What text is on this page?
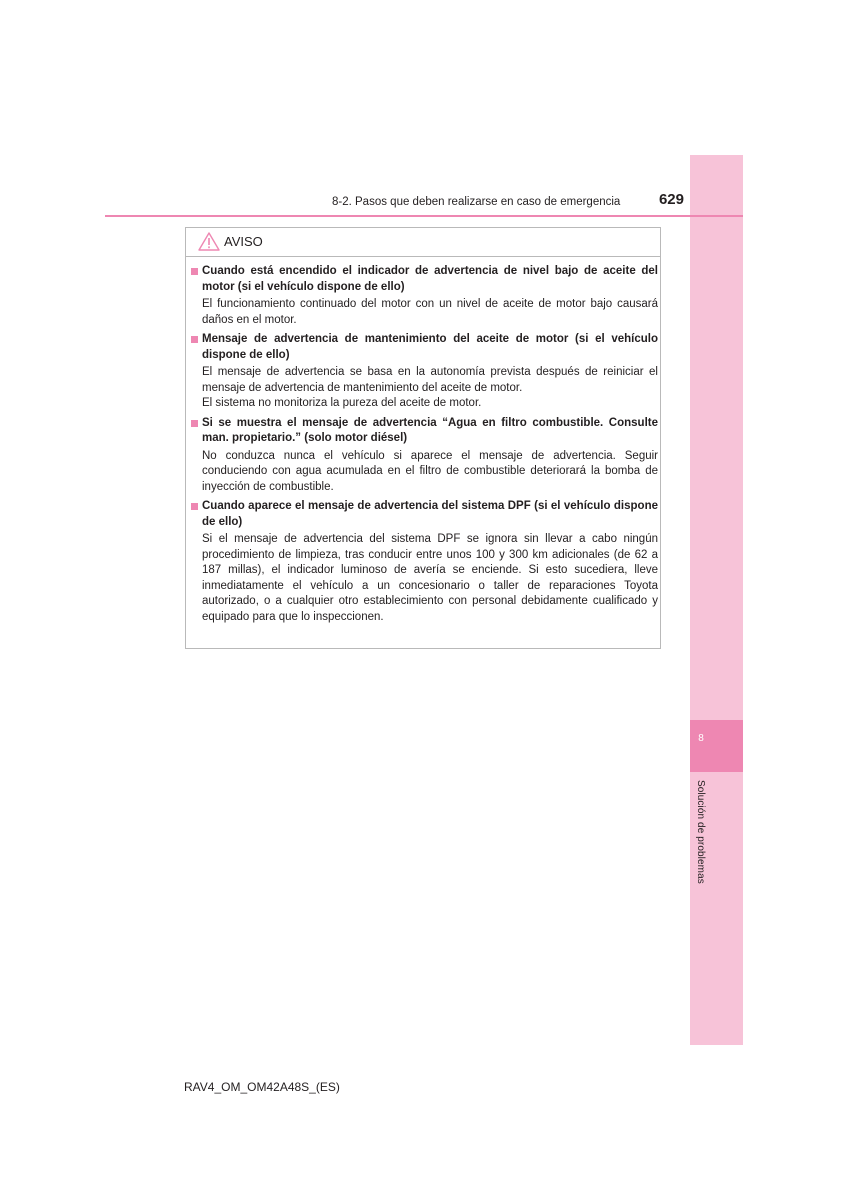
8
Solución de problemas
8-2. Pasos que deben realizarse en caso de emergencia	629
AVISO
Cuando está encendido el indicador de advertencia de nivel bajo de aceite del motor (si el vehículo dispone de ello)

El funcionamiento continuado del motor con un nivel de aceite de motor bajo causará daños en el motor.

Mensaje de advertencia de mantenimiento del aceite de motor (si el vehículo dispone de ello)

El mensaje de advertencia se basa en la autonomía prevista después de reiniciar el mensaje de advertencia de mantenimiento del aceite de motor.

El sistema no monitoriza la pureza del aceite de motor.

Si se muestra el mensaje de advertencia “Agua en filtro combustible. Consulte man. propietario.” (solo motor diésel)

No conduzca nunca el vehículo si aparece el mensaje de advertencia. Seguir conduciendo con agua acumulada en el filtro de combustible deteriorará la bomba de inyección de combustible.

Cuando aparece el mensaje de advertencia del sistema DPF (si el vehículo dispone de ello)

Si el mensaje de advertencia del sistema DPF se ignora sin llevar a cabo ningún procedimiento de limpieza, tras conducir entre unos 100 y 300 km adicionales (de 62 a 187 millas), el indicador luminoso de avería se enciende. Si esto sucediera, lleve inmediatamente el vehículo a un concesionario o taller de reparaciones Toyota autorizado, o a cualquier otro establecimiento con personal debidamente cualificado y equipado para que lo inspeccionen.

RAV4_OM_OM42A48S_(ES)
